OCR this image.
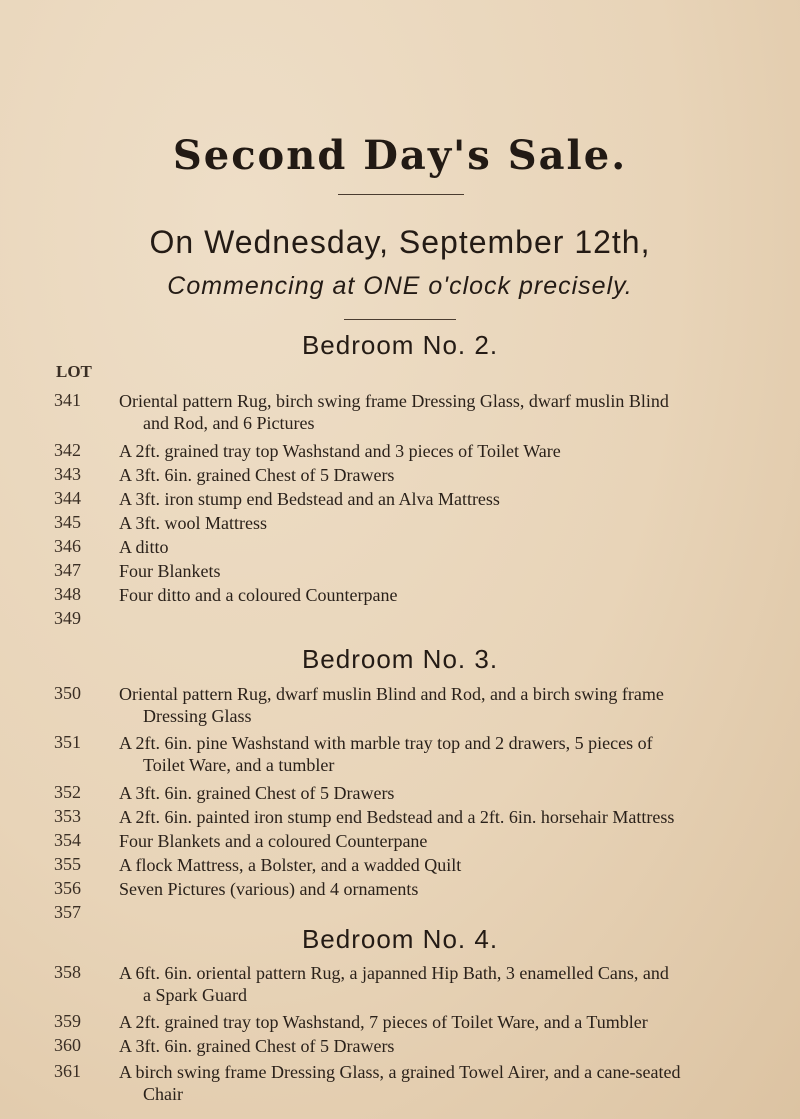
Second Day's Sale.
On Wednesday, September 12th,
Commencing at ONE o'clock precisely.
LOT
Bedroom No. 2.
341	Oriental pattern Rug, birch swing frame Dressing Glass, dwarf muslin Blind
and Rod, and 6 Pictures
342	A 2ft. grained tray top Washstand and 3 pieces of Toilet Ware
343	A 3ft. 6in. grained Chest of 5 Drawers
344	A 3ft. iron stump end Bedstead and an Alva Mattress
345	A 3ft. wool Mattress
346	A ditto
347	Four Blankets
348	Four ditto and a coloured Counterpane
349
Bedroom No. 3.
350	Oriental pattern Rug, dwarf muslin Blind and Rod, and a birch swing frame
Dressing Glass
351	A 2ft. 6in. pine Washstand with marble tray top and 2 drawers, 5 pieces of
Toilet Ware, and a tumbler
352	A 3ft. 6in. grained Chest of 5 Drawers
353	A 2ft. 6in. painted iron stump end Bedstead and a 2ft. 6in. horsehair Mattress
354	Four Blankets and a coloured Counterpane
355	A flock Mattress, a Bolster, and a wadded Quilt
356	Seven Pictures (various) and 4 ornaments
357
Bedroom No. 4.
358	A 6ft. 6in. oriental pattern Rug, a japanned Hip Bath, 3 enamelled Cans, and
a Spark Guard
359	A 2ft. grained tray top Washstand, 7 pieces of Toilet Ware, and a Tumbler
360	A 3ft. 6in. grained Chest of 5 Drawers
361	A birch swing frame Dressing Glass, a grained Towel Airer, and a cane-seated
Chair
